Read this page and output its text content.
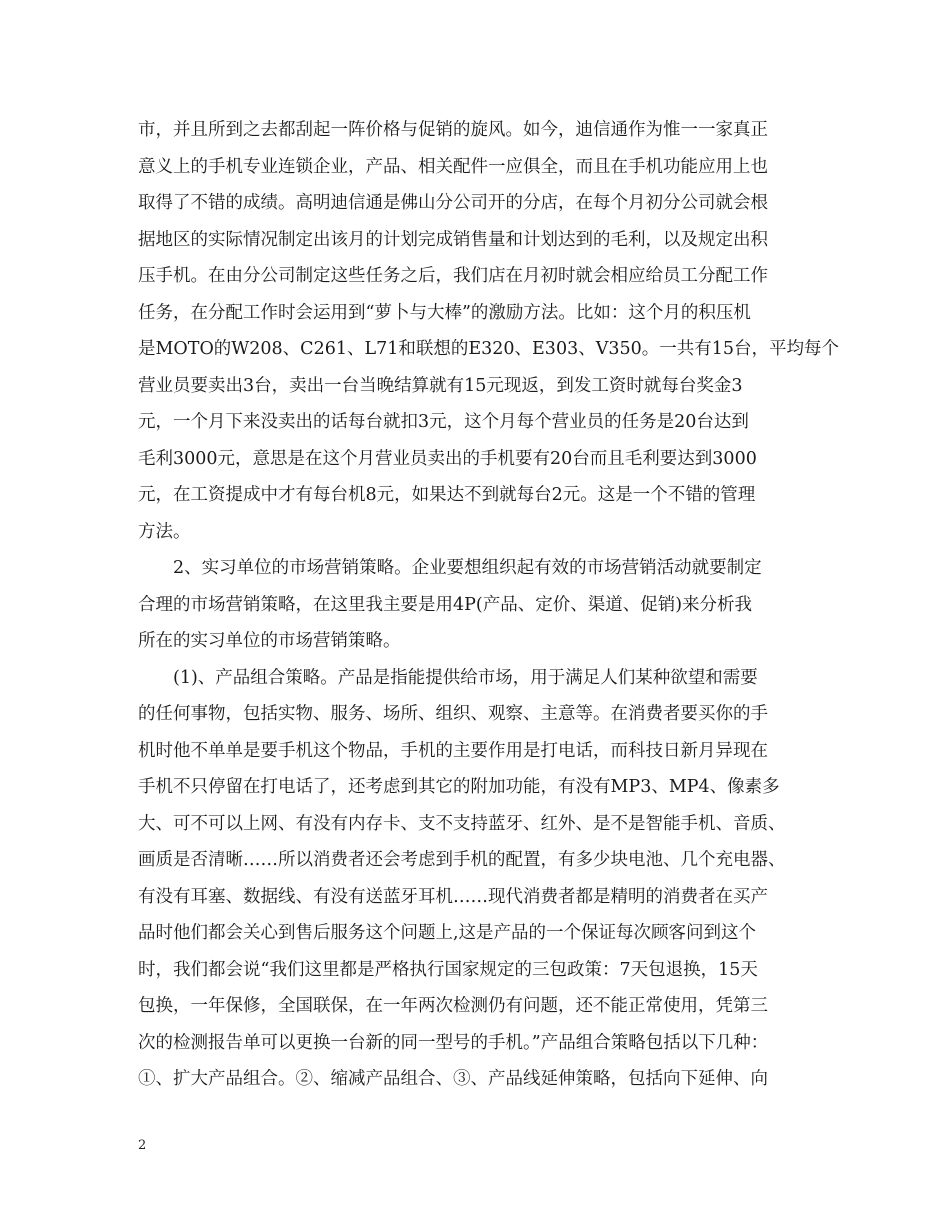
市，并且所到之去都刮起一阵价格与促销的旋风。如今，迪信通作为惟一一家真正
意义上的手机专业连锁企业，产品、相关配件一应俱全，而且在手机功能应用上也
取得了不错的成绩。高明迪信通是佛山分公司开的分店，在每个月初分公司就会根
据地区的实际情况制定出该月的计划完成销售量和计划达到的毛利，以及规定出积
压手机。在由分公司制定这些任务之后，我们店在月初时就会相应给员工分配工作
任务，在分配工作时会运用到“萝卜与大棒”的激励方法。比如：这个月的积压机
是MOTO的W208、C261、L71和联想的E320、E303、V350。一共有15台，平均每个
营业员要卖出3台，卖出一台当晚结算就有15元现返，到发工资时就每台奖金3
元，一个月下来没卖出的话每台就扣3元，这个月每个营业员的任务是20台达到
毛利3000元，意思是在这个月营业员卖出的手机要有20台而且毛利要达到3000
元，在工资提成中才有每台机8元，如果达不到就每台2元。这是一个不错的管理
方法。
2、实习单位的市场营销策略。企业要想组织起有效的市场营销活动就要制定
合理的市场营销策略，在这里我主要是用4P(产品、定价、渠道、促销)来分析我
所在的实习单位的市场营销策略。
(1)、产品组合策略。产品是指能提供给市场，用于满足人们某种欲望和需要
的任何事物，包括实物、服务、场所、组织、观察、主意等。在消费者要买你的手
机时他不单单是要手机这个物品，手机的主要作用是打电话，而科技日新月异现在
手机不只停留在打电话了，还考虑到其它的附加功能，有没有MP3、MP4、像素多
大、可不可以上网、有没有内存卡、支不支持蓝牙、红外、是不是智能手机、音质、
画质是否清晰……所以消费者还会考虑到手机的配置，有多少块电池、几个充电器、
有没有耳塞、数据线、有没有送蓝牙耳机……现代消费者都是精明的消费者在买产
品时他们都会关心到售后服务这个问题上,这是产品的一个保证每次顾客问到这个
时，我们都会说“我们这里都是严格执行国家规定的三包政策：7天包退换，15天
包换，一年保修，全国联保，在一年两次检测仍有问题，还不能正常使用，凭第三
次的检测报告单可以更换一台新的同一型号的手机。”产品组合策略包括以下几种：
①、扩大产品组合。②、缩减产品组合、③、产品线延伸策略，包括向下延伸、向
2
